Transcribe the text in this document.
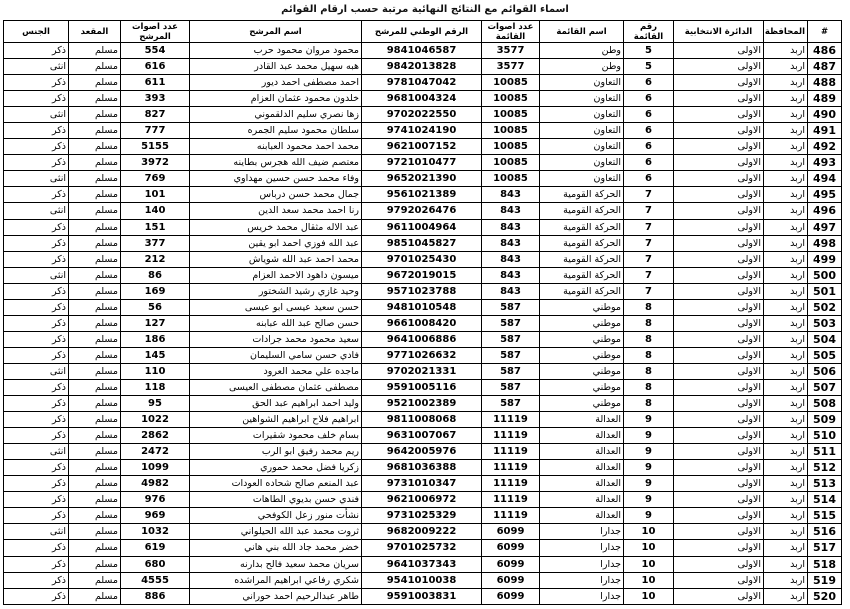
اسماء القوائم مع النتائج النهائية مرتبة حسب ارقام القوائم
#	المحافظة	الدائرة الانتخابية	رقم القائمة	اسم القائمة	عدد اصوات القائمة	الرقم الوطني للمرشح	اسم المرشح	عدد اصوات المرشح	المقعد	الجنس
486	اربد	الاولى	5	وطن	3577	9841046587	محمود مروان محمود حرب	554	مسلم	ذكر
487	اربد	الاولى	5	وطن	3577	9842013828	هبه سهيل محمد عبد القادر	616	مسلم	انثى
488	اربد	الاولى	6	التعاون	10085	9781047042	احمد مصطفى احمد ديور	611	مسلم	ذكر
489	اربد	الاولى	6	التعاون	10085	9681004324	خلدون محمود عثمان العزام	393	مسلم	ذكر
490	اربد	الاولى	6	التعاون	10085	9702022550	زها نصري سليم الدلقموني	827	مسلم	انثى
491	اربد	الاولى	6	التعاون	10085	9741024190	سلطان محمود سليم الجمره	777	مسلم	ذكر
492	اربد	الاولى	6	التعاون	10085	9621007152	محمد احمد محمود العبابنه	5155	مسلم	ذكر
493	اربد	الاولى	6	التعاون	10085	9721010477	معتصم ضيف الله هجرس بطاينه	3972	مسلم	ذكر
494	اربد	الاولى	6	التعاون	10085	9652021390	وفاء محمد حسن حسين مهداوي	769	مسلم	انثى
495	اربد	الاولى	7	الحركة القومية	843	9561021389	جمال محمد حسن درباس	101	مسلم	ذكر
496	اربد	الاولى	7	الحركة القومية	843	9792026476	رنا احمد محمد سعد الدين	140	مسلم	انثى
497	اربد	الاولى	7	الحركة القومية	843	9611004964	عبد الاله مثقال محمد خريس	151	مسلم	ذكر
498	اربد	الاولى	7	الحركة القومية	843	9851045827	عبد الله فوزي احمد ابو يقين	377	مسلم	ذكر
499	اربد	الاولى	7	الحركة القومية	843	9701025430	محمد احمد عبد الله شوياش	212	مسلم	ذكر
500	اربد	الاولى	7	الحركة القومية	843	9672019015	ميسون داهود الاحمد العزام	86	مسلم	انثى
501	اربد	الاولى	7	الحركة القومية	843	9571023788	وحيد غازي رشيد الشختور	169	مسلم	ذكر
502	اربد	الاولى	8	موطني	587	9481010548	حسن سعيد عيسى ابو عيسى	56	مسلم	ذكر
503	اربد	الاولى	8	موطني	587	9661008420	حسن صالح عبد الله عبابنه	127	مسلم	ذكر
504	اربد	الاولى	8	موطني	587	9641006886	سعيد محمود محمد جرادات	186	مسلم	ذكر
505	اربد	الاولى	8	موطني	587	9771026632	فادي حسن سامي السليمان	145	مسلم	ذكر
506	اربد	الاولى	8	موطني	587	9702021331	ماجده علي محمد العرود	110	مسلم	انثى
507	اربد	الاولى	8	موطني	587	9591005116	مصطفى عثمان مصطفى العيسى	118	مسلم	ذكر
508	اربد	الاولى	8	موطني	587	9521002389	وليد احمد ابراهيم عبد الحق	95	مسلم	ذكر
509	اربد	الاولى	9	العدالة	11119	9811008068	ابراهيم فلاح ابراهيم الشواهين	1022	مسلم	ذكر
510	اربد	الاولى	9	العدالة	11119	9631007067	بسام خلف محمود شقيرات	2862	مسلم	ذكر
511	اربد	الاولى	9	العدالة	11119	9642005976	ريم محمد رفيق ابو الرب	2472	مسلم	انثى
512	اربد	الاولى	9	العدالة	11119	9681036388	زكريا فضل محمد حموري	1099	مسلم	ذكر
513	اربد	الاولى	9	العدالة	11119	9731010347	عبد المنعم صالح شحاده العودات	4982	مسلم	ذكر
514	اربد	الاولى	9	العدالة	11119	9621006972	فندي حسن بديوي الطاهات	976	مسلم	ذكر
515	اربد	الاولى	9	العدالة	11119	9731025329	نشأت منور زعل الكوفحي	969	مسلم	ذكر
516	اربد	الاولى	10	جدارا	6099	9682009222	ثروت محمد عبد الله الحيلواني	1032	مسلم	انثى
517	اربد	الاولى	10	جدارا	6099	9701025732	خضر محمد جاد الله بني هاني	619	مسلم	ذكر
518	اربد	الاولى	10	جدارا	6099	9641037343	سريان محمد سعيد فالح بدارنه	680	مسلم	ذكر
519	اربد	الاولى	10	جدارا	6099	9541010038	شكري رفاعي ابراهيم المراشده	4555	مسلم	ذكر
520	اربد	الاولى	10	جدارا	6099	9591003831	طاهر عبدالرحيم احمد حوراني	886	مسلم	ذكر
